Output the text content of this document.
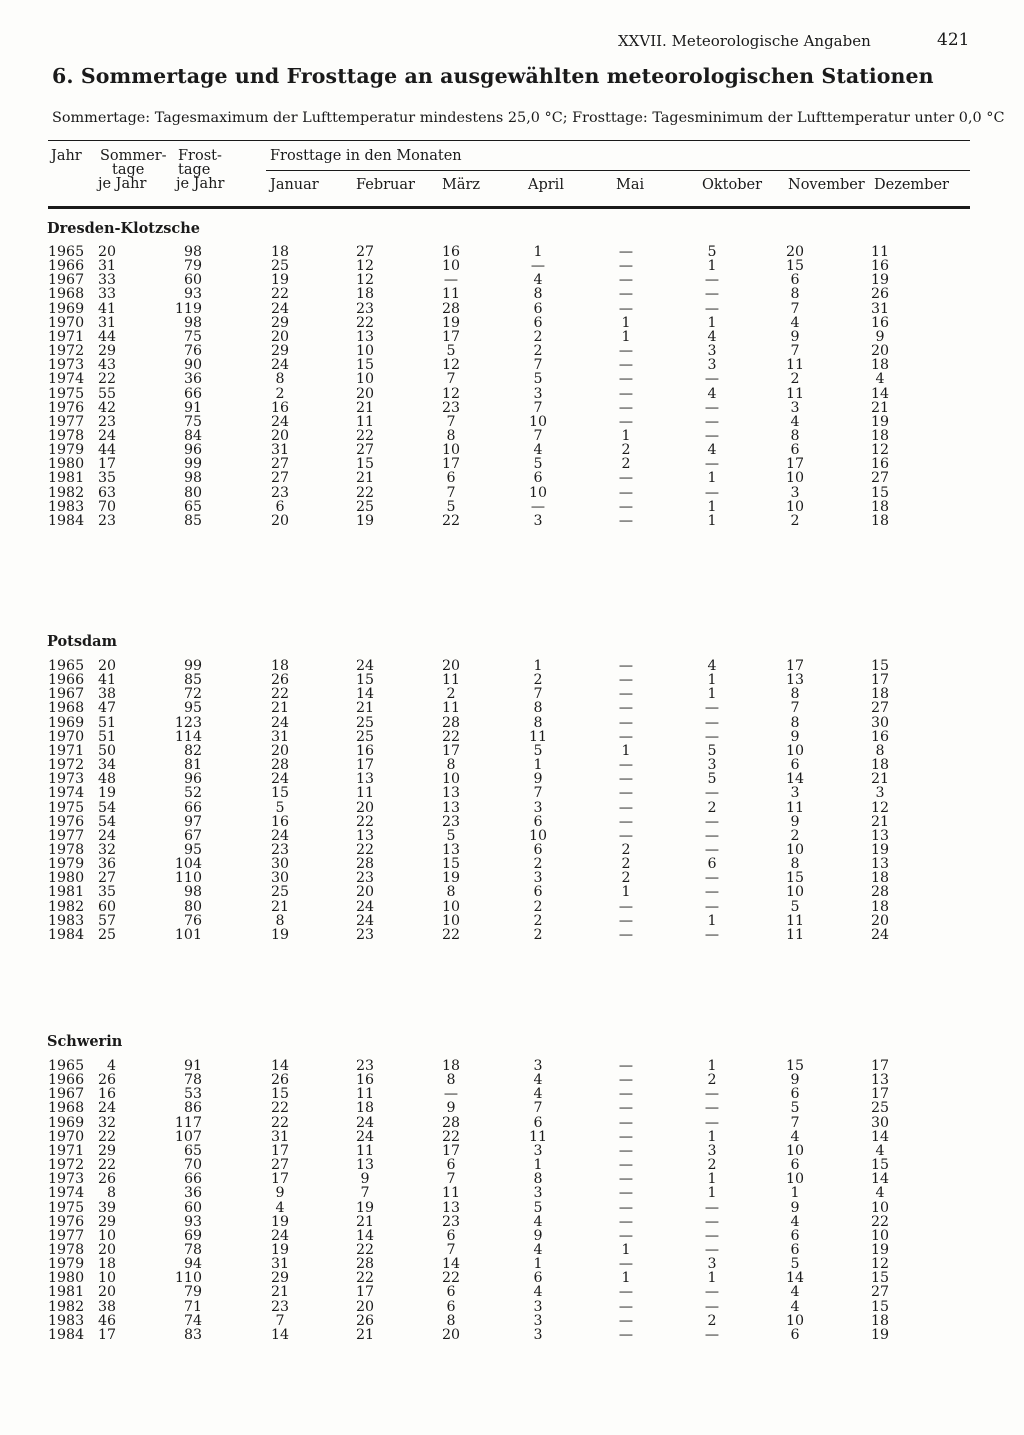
XXVII. Meteorologische Angaben	421
6. Sommertage und Frosttage an ausgewählten meteorologischen Stationen
Sommertage: Tagesmaximum der Lufttemperatur mindestens 25,0 °C; Frosttage: Tagesminimum der Lufttemperatur unter 0,0 °C
Jahr Sommer-
tage
je Jahr
Frost-
tage
je Jahr
Frosttage in den Monaten
Januar	Februar März	April	Mai	Oktober November Dezember
Dresden-Klotzsche
1965 20	98	18	27	16	1	—	5	20	11
1966 31	79	25	12	10	—	—	1	15	16
1967 33	60	19	12	—	4	—	—	6	19
1968 33	93	22	18	11	8	—	—	8	26
1969 41	119	24	23	28	6	—	—	7	31
1970 31	98	29	22	19	6	1	1	4	16
1971 44	75	20	13	17	2	1	4	9	9
1972 29	76	29	10	5	2	—	3	7	20
1973 43	90	24	15	12	7	—	3	11	18
1974 22	36	8	10	7	5	—	—	2	4
1975 55	66	2	20	12	3	—	4	11	14
1976 42	91	16	21	23	7	—	—	3	21
1977 23	75	24	11	7	10	—	—	4	19
1978 24	84	20	22	8	7	1	—	8	18
1979 44	96	31	27	10	4	2	4	6	12
1980 17	99	27	15	17	5	2	—	17	16
1981 35	98	27	21	6	6	—	1	10	27
1982 63	80	23	22	7	10	—	—	3	15
1983 70	65	6	25	5	—	—	1	10	18
1984 23	85	20	19	22	3	—	1	2	18
Potsdam
1965 20	99	18	24	20	1	—	4	17	15
1966 41	85	26	15	11	2	—	1	13	17
1967 38	72	22	14	2	7	—	1	8	18
1968 47	95	21	21	11	8	—	—	7	27
1969 51	123	24	25	28	8	—	—	8	30
1970 51	114	31	25	22	11	—	—	9	16
1971 50	82	20	16	17	5	1	5	10	8
1972 34	81	28	17	8	1	—	3	6	18
1973 48	96	24	13	10	9	—	5	14	21
1974 19	52	15	11	13	7	—	—	3	3
1975 54	66	5	20	13	3	—	2	11	12
1976 54	97	16	22	23	6	—	—	9	21
1977 24	67	24	13	5	10	—	—	2	13
1978 32	95	23	22	13	6	2	—	10	19
1979 36	104	30	28	15	2	2	6	8	13
1980 27	110	30	23	19	3	2	—	15	18
1981 35	98	25	20	8	6	1	—	10	28
1982 60	80	21	24	10	2	—	—	5	18
1983 57	76	8	24	10	2	—	1	11	20
1984 25	101	19	23	22	2	—	—	11	24
Schwerin
1965	4	91	14	23	18	3	—	1	15	17
1966 26	78	26	16	8	4	—	2	9	13
1967 16	53	15	11	—	4	—	—	6	17
1968 24	86	22	18	9	7	—	—	5	25
1969 32	117	22	24	28	6	—	—	7	30
1970 22	107	31	24	22	11	—	1	4	14
1971 29	65	17	11	17	3	—	3	10	4
1972 22	70	27	13	6	1	—	2	6	15
1973 26	66	17	9	7	8	—	1	10	14
1974	8	36	9	7	11	3	—	1	1	4
1975 39	60	4	19	13	5	—	—	9	10
1976 29	93	19	21	23	4	—	—	4	22
1977 10	69	24	14	6	9	—	—	6	10
1978 20	78	19	22	7	4	1	—	6	19
1979 18	94	31	28	14	1	—	3	5	12
1980 10	110	29	22	22	6	1	1	14	15
1981 20	79	21	17	6	4	—	—	4	27
1982 38	71	23	20	6	3	—	—	4	15
1983 46	74	7	26	8	3	—	2	10	18
1984 17	83	14	21	20	3	—	—	6	19
